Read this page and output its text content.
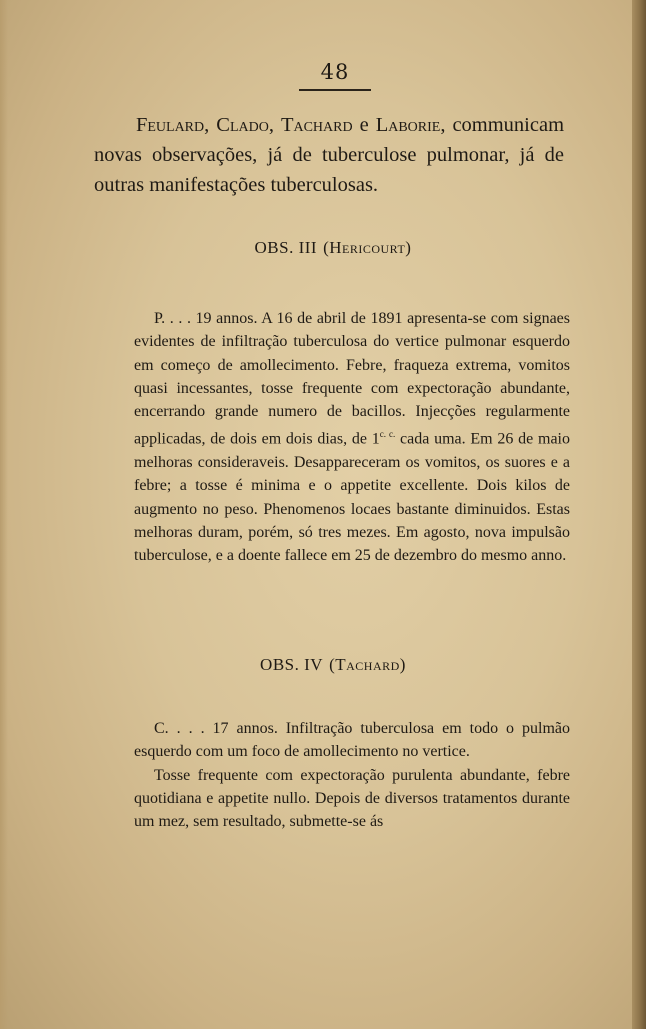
48

Feulard, Clado, Tachard e Laborie, communicam novas observações, já de tuberculose pulmonar, já de outras manifestações tuberculosas.

OBS. III (Hericourt)

P. . . . 19 annos. A 16 de abril de 1891 apresenta-se com signaes evidentes de infiltração tuberculosa do vertice pulmonar esquerdo em começo de amollecimento. Febre, fraqueza extrema, vomitos quasi incessantes, tosse frequente com expectoração abundante, encerrando grande numero de bacillos. Injecções regularmente applicadas, de dois em dois dias, de $1^{c. c.}$ cada uma. Em 26 de maio melhoras consideraveis. Desappareceram os vomitos, os suores e a febre; a tosse é minima e o appetite excellente. Dois kilos de augmento no peso. Phenomenos locaes bastante diminuidos. Estas melhoras duram, porém, só tres mezes. Em agosto, nova impulsão tuberculose, e a doente fallece em 25 de dezembro do mesmo anno.

OBS. IV (Tachard)

C. . . . 17 annos. Infiltração tuberculosa em todo o pulmão esquerdo com um foco de amollecimento no vertice.

Tosse frequente com expectoração purulenta abundante, febre quotidiana e appetite nullo. Depois de diversos tratamentos durante um mez, sem resultado, submette-se ás
